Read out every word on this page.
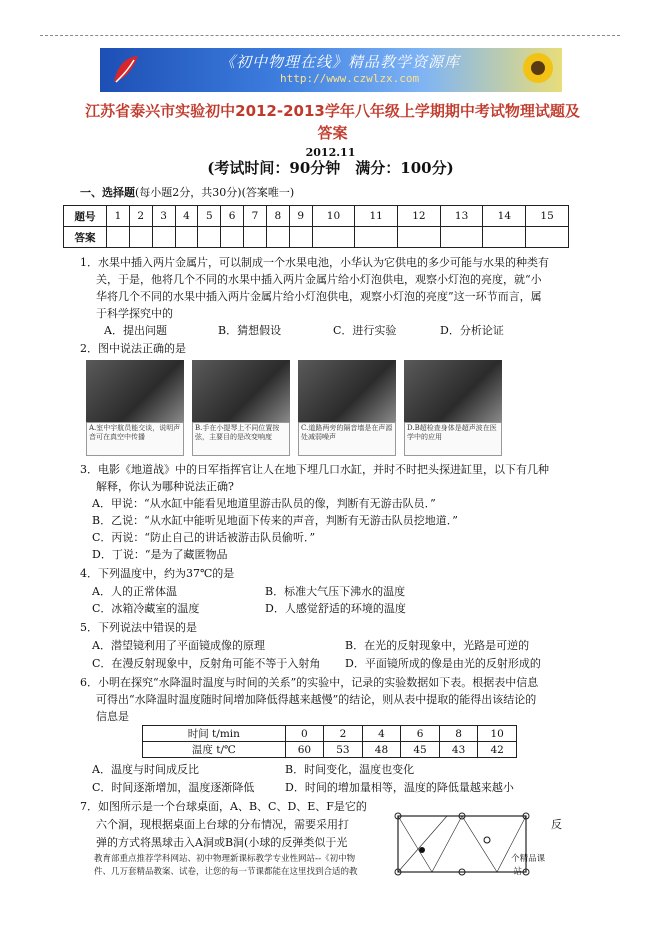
《初中物理在线》精品教学资源库
http://www.czwlzx.com
江苏省泰兴市实验初中2012-2013学年八年级上学期期中考试物理试题及
答案
2012.11
(考试时间：90分钟　满分：100分)
一、选择题(每小题2分，共30分)(答案唯一)
题号	1	2	3	4	5	6	7	8	9	10	11	12	13	14	15
答案															
1．水果中插入两片金属片，可以制成一个水果电池，小华认为它供电的多少可能与水果的种类有
关，于是，他将几个不同的水果中插入两片金属片给小灯泡供电，观察小灯泡的亮度，就“小
华将几个不同的水果中插入两片金属片给小灯泡供电，观察小灯泡的亮度”这一环节而言，属
于科学探究中的
A．提出问题	B．猜想假设	C．进行实验	D．分析论证
2．图中说法正确的是
A.室中宇航员能交谈，说明声音可在真空中传播
B.手在小提琴上不同位置按弦，主要目的是改变响度
C.道路两旁的隔音墙是在声源处减弱噪声
D.B超检查身体是超声波在医学中的应用
3．电影《地道战》中的日军指挥官让人在地下埋几口水缸，并时不时把头探进缸里，以下有几种
解释，你认为哪种说法正确?
A．甲说：“从水缸中能看见地道里游击队员的像，判断有无游击队员．”
B．乙说：“从水缸中能听见地面下传来的声音，判断有无游击队员挖地道．”
C．丙说：“防止自己的讲话被游击队员偷听．”
D．丁说：“是为了藏匿物品
4．下列温度中，约为37℃的是
A．人的正常体温	B．标准大气压下沸水的温度
C．冰箱冷藏室的温度	D．人感觉舒适的环境的温度
5．下列说法中错误的是
A．潜望镜利用了平面镜成像的原理	B．在光的反射现象中，光路是可逆的
C．在漫反射现象中，反射角可能不等于入射角 D．平面镜所成的像是由光的反射形成的
6．小明在探究“水降温时温度与时间的关系”的实验中，记录的实验数据如下表。根据表中信息
可得出“水降温时温度随时间增加降低得越来越慢”的结论，则从表中提取的能得出该结论的
信息是
时间 t/min	0	2	4	6	8	10
温度 t/℃	60	53	48	45	43	42
A．温度与时间成反比	B．时间变化，温度也变化
C．时间逐渐增加，温度逐渐降低	D．时间的增加量相等，温度的降低量越来越小
7．如图所示是一个台球桌面，A、B、C、D、E、F是它的
六个洞，现根据桌面上台球的分布情况，需要采用打	反
弹的方式将黑球击入A洞或B洞(小球的反弹类似于光
教育部重点推荐学科网站、初中物理新课标教学专业性网站--《初中物	个精品课
件、几万套精品教案、试卷，让您的每一节课都能在这里找到合适的教	站
